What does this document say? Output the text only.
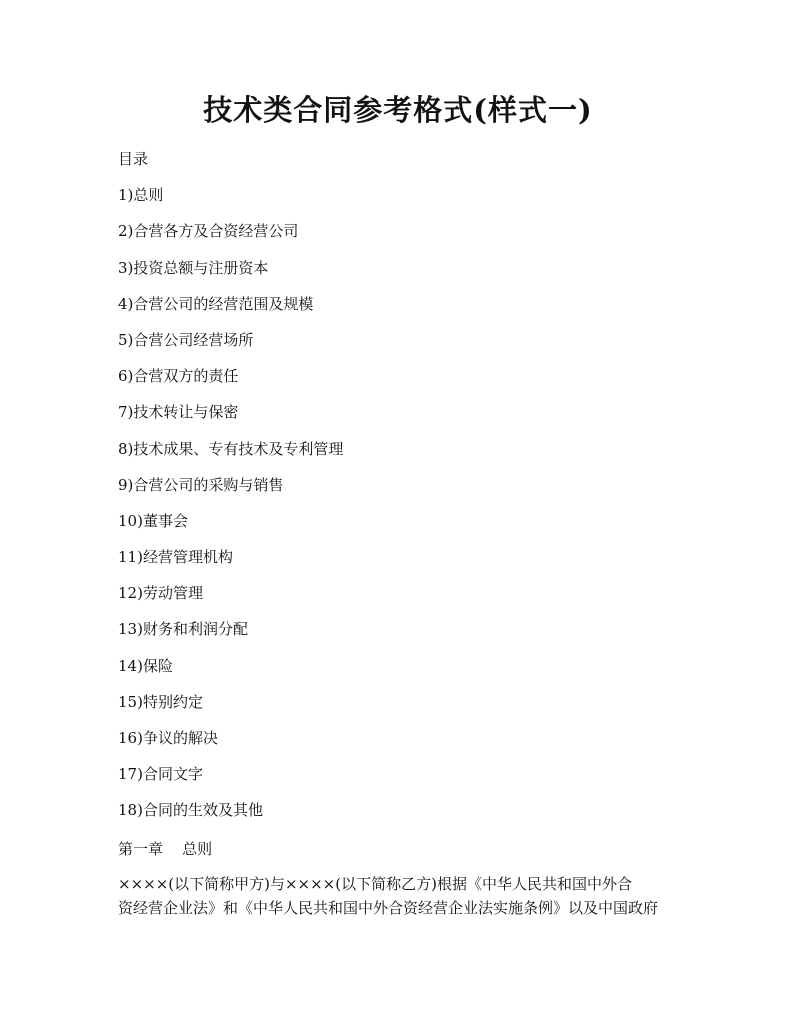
技术类合同参考格式(样式一)
目录
1)总则
2)合营各方及合资经营公司
3)投资总额与注册资本
4)合营公司的经营范围及规模
5)合营公司经营场所
6)合营双方的责任
7)技术转让与保密
8)技术成果、专有技术及专利管理
9)合营公司的采购与销售
10)董事会
11)经营管理机构
12)劳动管理
13)财务和利润分配
14)保险
15)特别约定
16)争议的解决
17)合同文字
18)合同的生效及其他
第一章    总则
××××(以下简称甲方)与××××(以下简称乙方)根据《中华人民共和国中外合
资经营企业法》和《中华人民共和国中外合资经营企业法实施条例》以及中国政府
